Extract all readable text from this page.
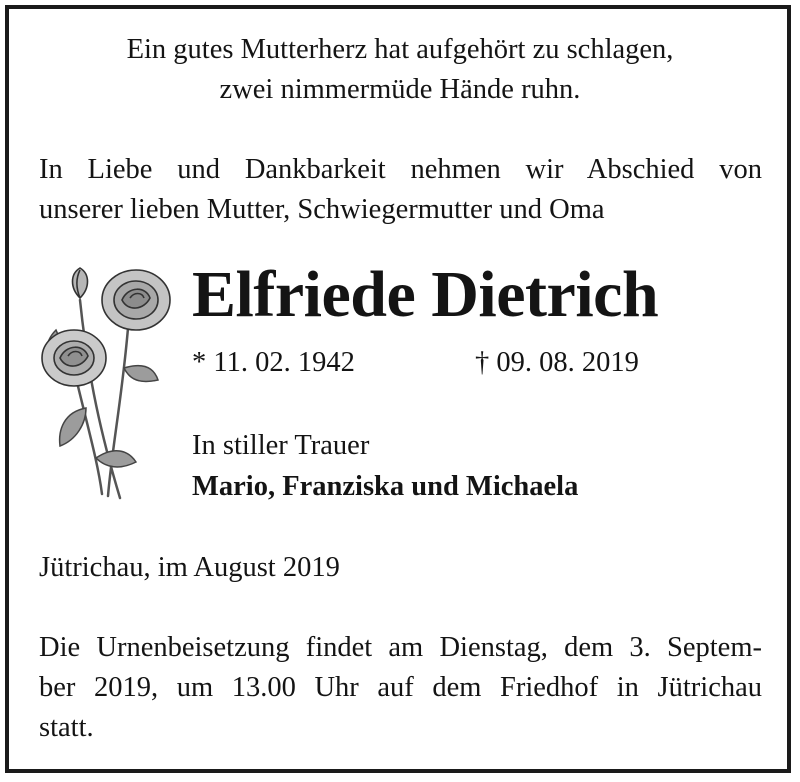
Ein gutes Mutterherz hat aufgehört zu schlagen,
zwei nimmermüde Hände ruhn.
In Liebe und Dankbarkeit nehmen wir Abschied von
unserer lieben Mutter, Schwiegermutter und Oma
Elfriede Dietrich
* 11. 02. 1942	† 09. 08. 2019
In stiller Trauer
Mario, Franziska und Michaela
Jütrichau, im August 2019
Die Urnenbeisetzung findet am Dienstag, dem 3. Septem-
ber 2019, um 13.00 Uhr auf dem Friedhof in Jütrichau
statt.
